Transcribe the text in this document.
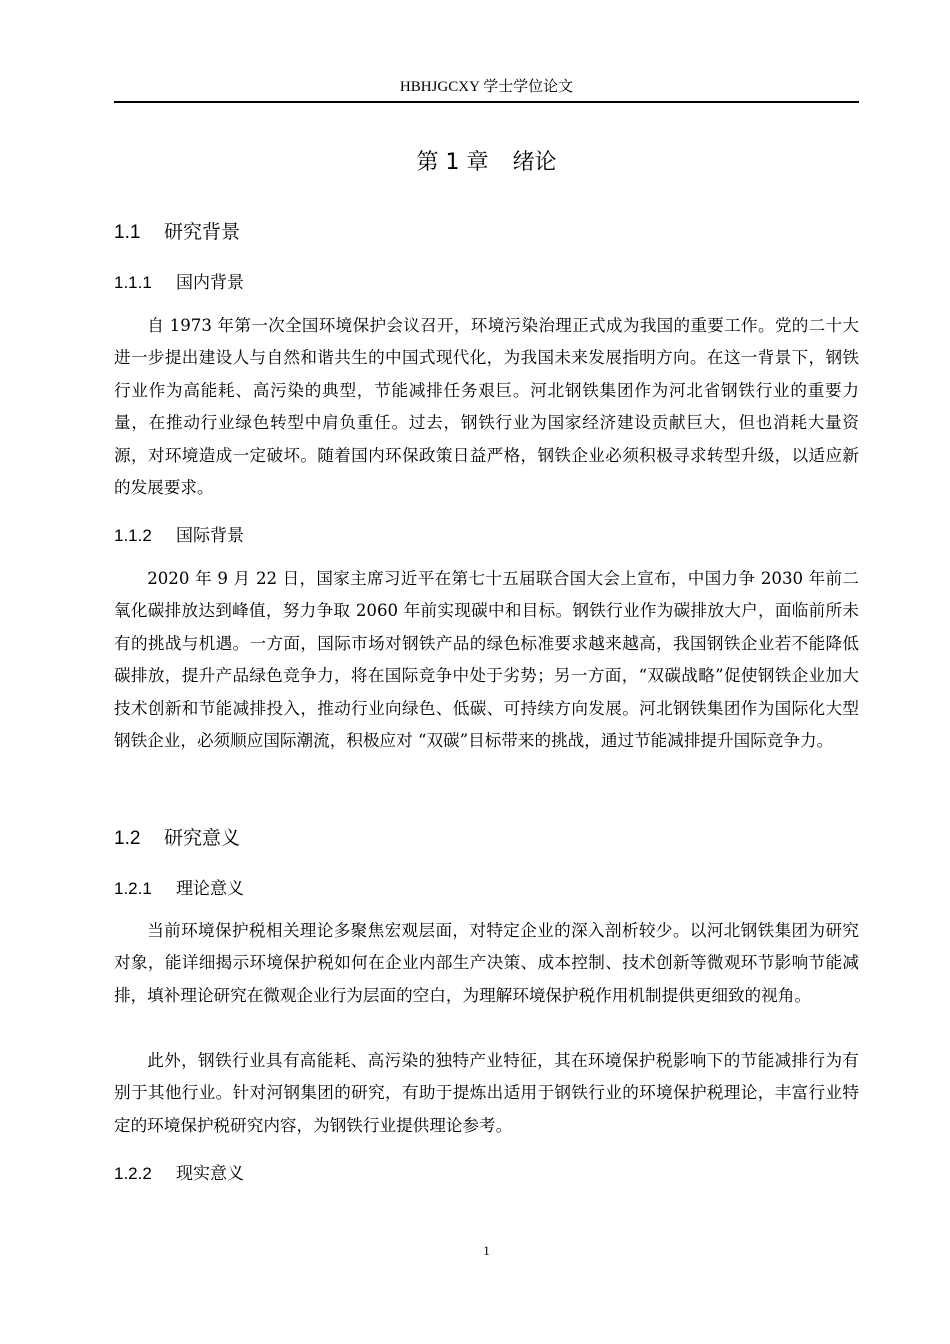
HBHJGCXY 学士学位论文
第 1 章 绪论
1.1 研究背景
1.1.1 国内背景

自 1973 年第一次全国环境保护会议召开，环境污染治理正式成为我国的重要工作。党的二十大进一步提出建设人与自然和谐共生的中国式现代化，为我国未来发展指明方向。在这一背景下，钢铁行业作为高能耗、高污染的典型，节能减排任务艰巨。河北钢铁集团作为河北省钢铁行业的重要力量，在推动行业绿色转型中肩负重任。过去，钢铁行业为国家经济建设贡献巨大，但也消耗大量资源，对环境造成一定破坏。随着国内环保政策日益严格，钢铁企业必须积极寻求转型升级，以适应新的发展要求。

1.1.2 国际背景

2020 年 9 月 22 日，国家主席习近平在第七十五届联合国大会上宣布，中国力争 2030 年前二氧化碳排放达到峰值，努力争取 2060 年前实现碳中和目标。钢铁行业作为碳排放大户，面临前所未有的挑战与机遇。一方面，国际市场对钢铁产品的绿色标准要求越来越高，我国钢铁企业若不能降低碳排放，提升产品绿色竞争力，将在国际竞争中处于劣势；另一方面，“双碳战略”促使钢铁企业加大技术创新和节能减排投入，推动行业向绿色、低碳、可持续方向发展。河北钢铁集团作为国际化大型钢铁企业，必须顺应国际潮流，积极应对 “双碳”目标带来的挑战，通过节能减排提升国际竞争力。

1.2 研究意义
1.2.1 理论意义

当前环境保护税相关理论多聚焦宏观层面，对特定企业的深入剖析较少。以河北钢铁集团为研究对象，能详细揭示环境保护税如何在企业内部生产决策、成本控制、技术创新等微观环节影响节能减排，填补理论研究在微观企业行为层面的空白，为理解环境保护税作用机制提供更细致的视角。

此外，钢铁行业具有高能耗、高污染的独特产业特征，其在环境保护税影响下的节能减排行为有别于其他行业。针对河钢集团的研究，有助于提炼出适用于钢铁行业的环境保护税理论，丰富行业特定的环境保护税研究内容，为钢铁行业提供理论参考。

1.2.2 现实意义
1
